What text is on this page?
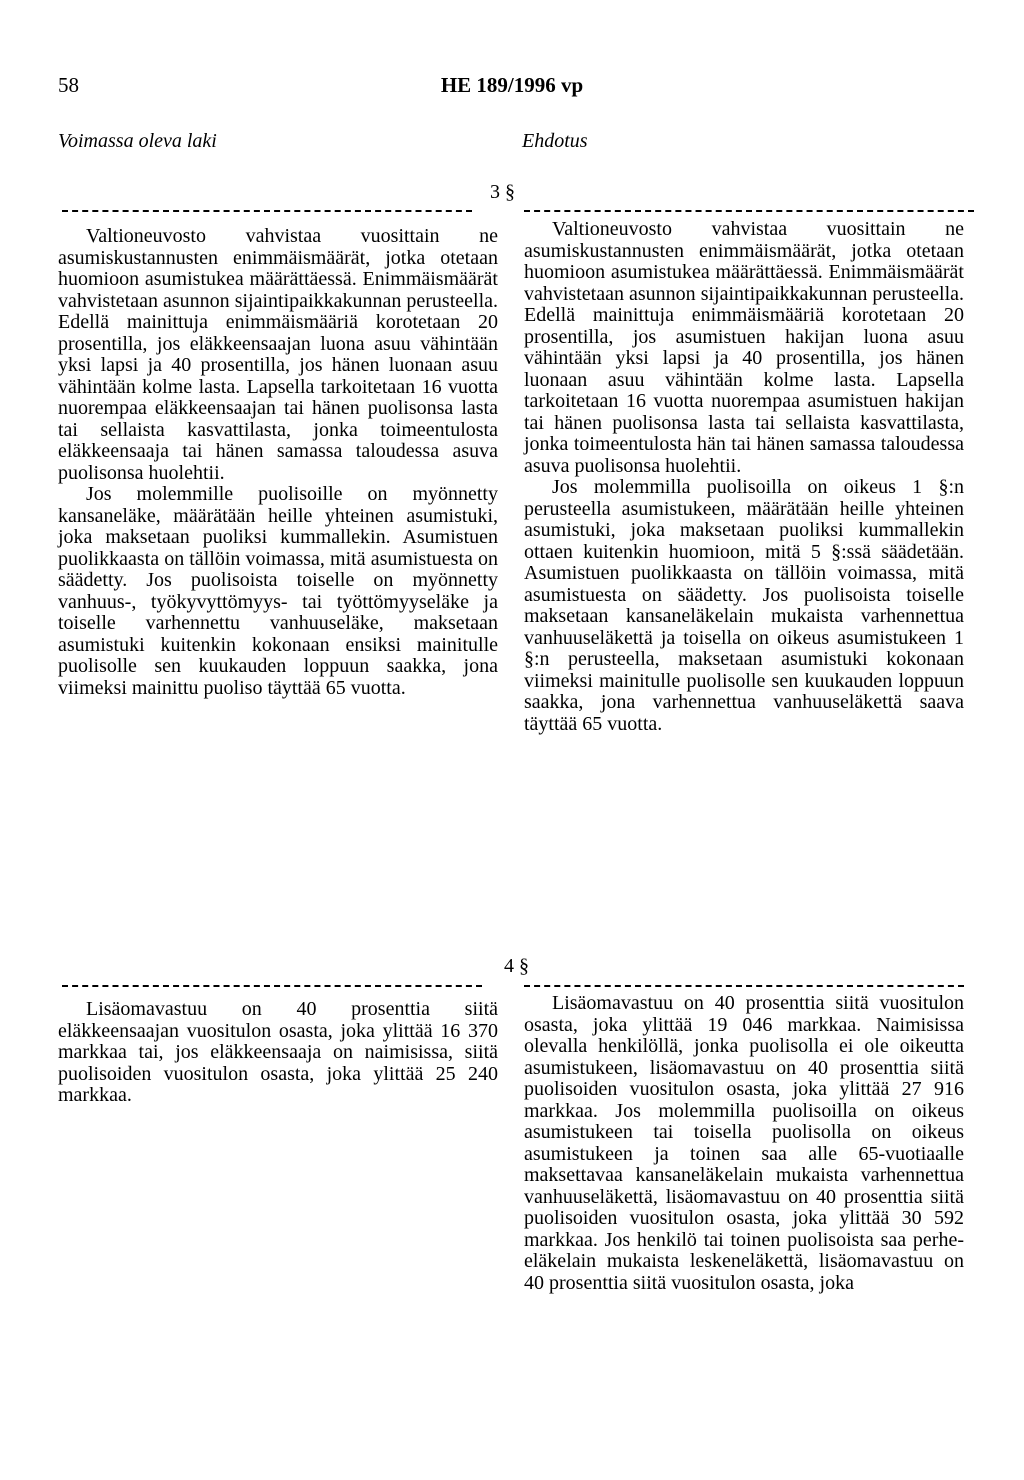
58	HE 189/1996 vp
Voimassa oleva laki	Ehdotus
3 §

Valtioneuvosto vahvistaa vuosittain ne asumiskustannusten enimmäismäärät, jotka otetaan huomioon asumistukea määrättäessä. Enimmäismäärät vahvistetaan asunnon sijaintipaikkakunnan perusteella. Edellä mainittuja enimmäismääriä korotetaan 20 prosentilla, jos eläkkeensaajan luona asuu vähintään yksi lapsi ja 40 prosentilla, jos hänen luonaan asuu vähintään kolme lasta. Lapsella tarkoitetaan 16 vuotta nuorempaa eläkkeensaajan tai hänen puolisonsa lasta tai sellaista kasvattilasta, jonka toimeentulosta eläkkeensaaja tai hänen samassa taloudessa asuva puolisonsa huolehtii.

Jos molemmille puolisoille on myönnetty kansaneläke, määrätään heille yhteinen asumistuki, joka maksetaan puoliksi kummallekin. Asumistuen puolikkaasta on tällöin voimassa, mitä asumistuesta on säädetty. Jos puolisoista toiselle on myönnetty vanhuus-, työkyvyttömyys- tai työttömyyseläke ja toiselle varhennettu vanhuuseläke, maksetaan asumistuki kuitenkin kokonaan ensiksi mainitulle puolisolle sen kuukauden loppuun saakka, jona viimeksi mainittu puoliso täyttää 65 vuotta.

Valtioneuvosto vahvistaa vuosittain ne asumiskustannusten enimmäismäärät, jotka otetaan huomioon asumistukea määrättäessä. Enimmäismäärät vahvistetaan asunnon sijaintipaikkakunnan perusteella. Edellä mainittuja enimmäismääriä korotetaan 20 prosentilla, jos asumistuen hakijan luona asuu vähintään yksi lapsi ja 40 prosentilla, jos hänen luonaan asuu vähintään kolme lasta. Lapsella tarkoitetaan 16 vuotta nuorempaa asumistuen hakijan tai hänen puolisonsa lasta tai sellaista kasvattilasta, jonka toimeentulosta hän tai hänen samassa taloudessa asuva puolisonsa huolehtii.

Jos molemmilla puolisoilla on oikeus 1 §:n perusteella asumistukeen, määrätään heille yhteinen asumistuki, joka maksetaan puoliksi kummallekin ottaen kuitenkin huomioon, mitä 5 §:ssä säädetään. Asumistuen puolikkaasta on tällöin voimassa, mitä asumistuesta on säädetty. Jos puolisoista toiselle maksetaan kansaneläkelain mukaista varhennettua vanhuuseläkettä ja toisella on oikeus asumistukeen 1 §:n perusteella, maksetaan asumistuki kokonaan viimeksi mainitulle puolisolle sen kuukauden loppuun saakka, jona varhennettua vanhuuseläkettä saava täyttää 65 vuotta.

4 §

Lisäomavastuu on 40 prosenttia siitä eläkkeensaajan vuositulon osasta, joka ylittää 16 370 markkaa tai, jos eläkkeensaaja on naimisissa, siitä puolisoiden vuositulon osasta, joka ylittää 25 240 markkaa.

Lisäomavastuu on 40 prosenttia siitä vuositulon osasta, joka ylittää 19 046 markkaa. Naimisissa olevalla henkilöllä, jonka puolisolla ei ole oikeutta asumistukeen, lisäomavastuu on 40 prosenttia siitä puolisoiden vuositulon osasta, joka ylittää 27 916 markkaa. Jos molemmilla puolisoilla on oikeus asumistukeen tai toisella puolisolla on oikeus asumistukeen ja toinen saa alle 65-vuotiaalle maksettavaa kansaneläkelain mukaista varhennettua vanhuuseläkettä, lisäomavastuu on 40 prosenttia siitä puolisoiden vuositulon osasta, joka ylittää 30 592 markkaa. Jos henkilö tai toinen puolisoista saa perhe-eläkelain mukaista leskeneläkettä, lisäomavastuu on 40 prosenttia siitä vuositulon osasta, joka
